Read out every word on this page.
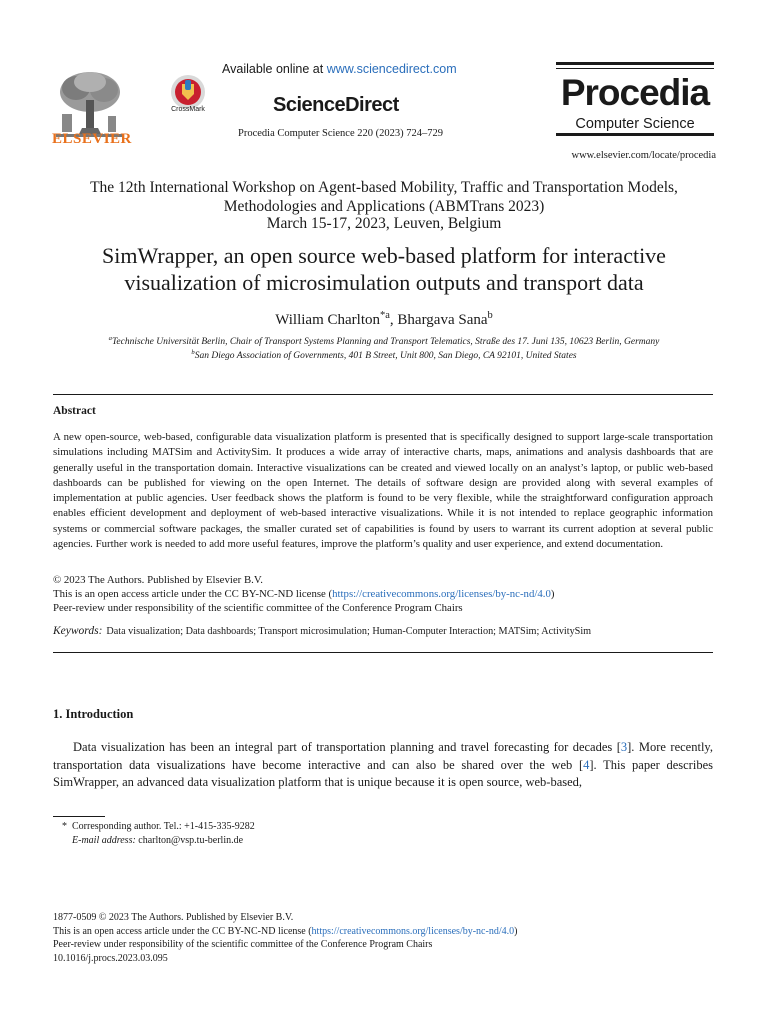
ELSEVIER
CrossMark
Available online at www.sciencedirect.com
ScienceDirect
Procedia Computer Science 220 (2023) 724–729
Procedia
Computer Science
www.elsevier.com/locate/procedia
The 12th International Workshop on Agent-based Mobility, Traffic and Transportation Models,
Methodologies and Applications (ABMTrans 2023)
March 15-17, 2023, Leuven, Belgium
SimWrapper, an open source web-based platform for interactive
visualization of microsimulation outputs and transport data
William Charlton$^{*a}$, Bhargava Sana$^b$
$^a$Technische Universität Berlin, Chair of Transport Systems Planning and Transport Telematics, Straße des 17. Juni 135, 10623 Berlin, Germany
$^b$San Diego Association of Governments, 401 B Street, Unit 800, San Diego, CA 92101, United States
Abstract

A new open-source, web-based, configurable data visualization platform is presented that is specifically designed to support large-scale transportation simulations including MATSim and ActivitySim. It produces a wide array of interactive charts, maps, animations and analysis dashboards that are generally useful in the transportation domain. Interactive visualizations can be created and viewed locally on an analyst’s laptop, or public web-based dashboards can be published for viewing on the open Internet. The details of software design are provided along with several examples of implementation at public agencies. User feedback shows the platform is found to be very flexible, while the straightforward configuration approach enables efficient development and deployment of web-based interactive visualizations. While it is not intended to replace geographic information systems or commercial software packages, the smaller curated set of capabilities is found by users to warrant its current adoption at several public agencies. Further work is needed to add more useful features, improve the platform’s quality and user experience, and extend documentation.

© 2023 The Authors. Published by Elsevier B.V.
This is an open access article under the CC BY-NC-ND license (https://creativecommons.org/licenses/by-nc-nd/4.0)
Peer-review under responsibility of the scientific committee of the Conference Program Chairs
Keywords: Data visualization; Data dashboards; Transport microsimulation; Human-Computer Interaction; MATSim; ActivitySim
1. Introduction

Data visualization has been an integral part of transportation planning and travel forecasting for decades [3]. More recently, transportation data visualizations have become interactive and can also be shared over the web [4]. This paper describes SimWrapper, an advanced data visualization platform that is unique because it is open source, web-based,

* Corresponding author. Tel.: +1-415-335-9282
E-mail address: charlton@vsp.tu-berlin.de
1877-0509 © 2023 The Authors. Published by Elsevier B.V.
This is an open access article under the CC BY-NC-ND license (https://creativecommons.org/licenses/by-nc-nd/4.0)
Peer-review under responsibility of the scientific committee of the Conference Program Chairs
10.1016/j.procs.2023.03.095
